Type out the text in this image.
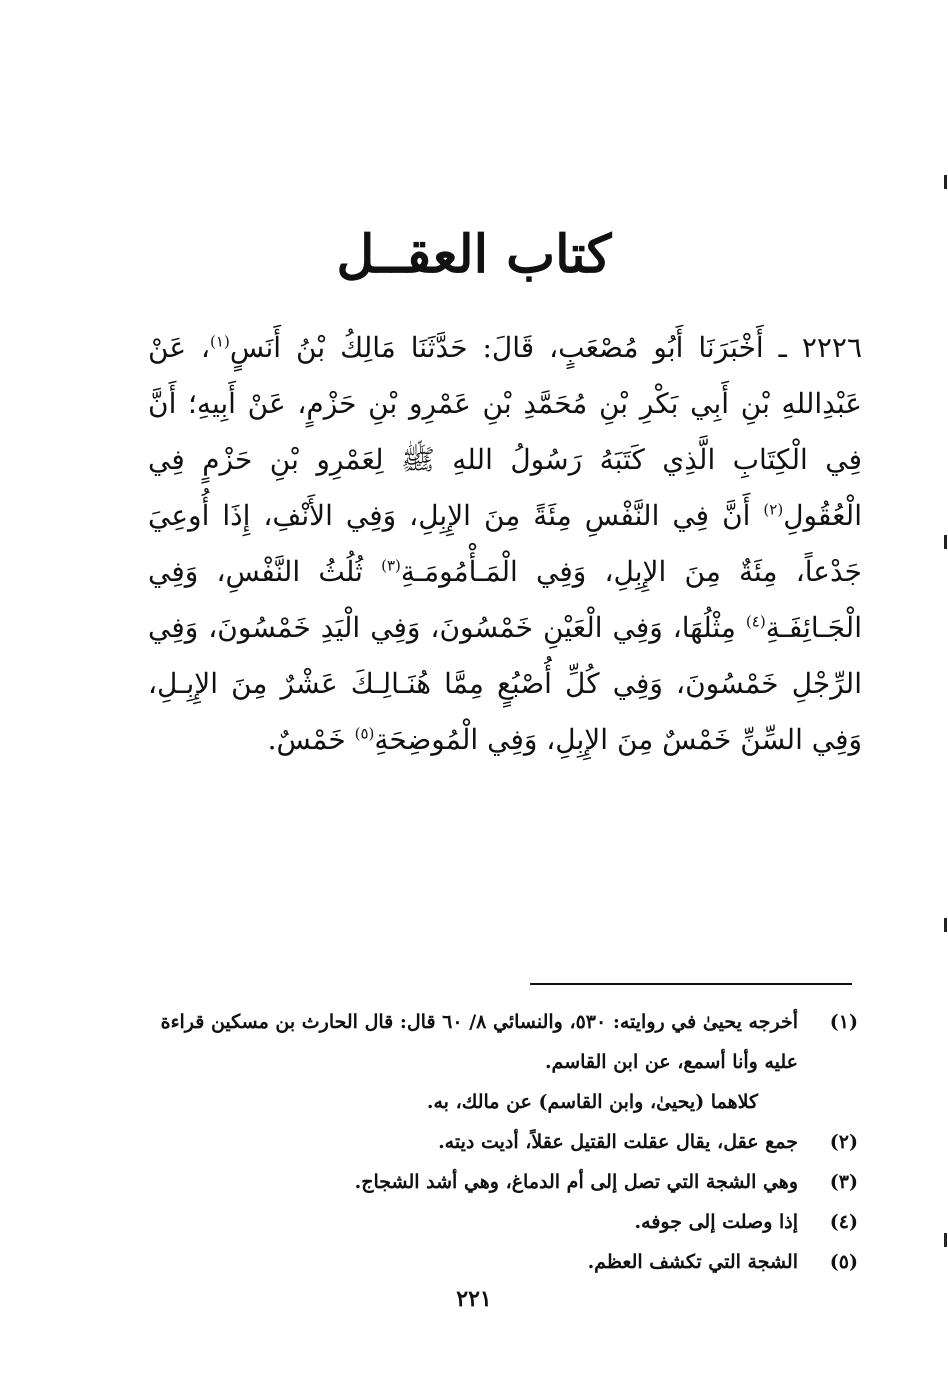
كتاب العقــل

٢٢٢٦ ـ أَخْبَرَنَا أَبُو مُصْعَبٍ، قَالَ: حَدَّثَنَا مَالِكُ بْنُ أَنَسٍ$^{(١)}$، عَنْ عَبْدِاللهِ بْنِ أَبِي بَكْرِ بْنِ مُحَمَّدِ بْنِ عَمْرِو بْنِ حَزْمٍ، عَنْ أَبِيهِ؛ أَنَّ فِي الْكِتَابِ الَّذِي كَتَبَهُ رَسُولُ اللهِ ﷺ لِعَمْرِو بْنِ حَزْمٍ فِي الْعُقُولِ$^{(٢)}$ أَنَّ فِي النَّفْسِ مِئَةً مِنَ الإِبِلِ، وَفِي الأَنْفِ، إِذَا أُوعِيَ جَدْعاً، مِئَةٌ مِنَ الإِبِلِ، وَفِي الْمَـأْمُومَـةِ$^{(٣)}$ ثُلُثُ النَّفْسِ، وَفِي الْجَـائِفَـةِ$^{(٤)}$ مِثْلُهَا، وَفِي الْعَيْنِ خَمْسُونَ، وَفِي الْيَدِ خَمْسُونَ، وَفِي الرِّجْلِ خَمْسُونَ، وَفِي كُلِّ أُصْبُعٍ مِمَّا هُنَـالِـكَ عَشْرٌ مِنَ الإِبِـلِ، وَفِي السِّنِّ خَمْسٌ مِنَ الإِبِلِ، وَفِي الْمُوضِحَةِ$^{(٥)}$ خَمْسٌ.

(١)
أخرجه يحيىٰ في روايته: ٥٣٠، والنسائي ٨/ ٦٠ قال: قال الحارث بن مسكين قراءة عليه وأنا أسمع، عن ابن القاسم.
كلاهما (يحيىٰ، وابن القاسم) عن مالك، به.
(٢)
جمع عقل، يقال عقلت القتيل عقلاً، أديت ديته.
(٣)
وهي الشجة التي تصل إلى أم الدماغ، وهي أشد الشجاج.
(٤)
إذا وصلت إلى جوفه.
(٥)
الشجة التي تكشف العظم.
٢٢١
